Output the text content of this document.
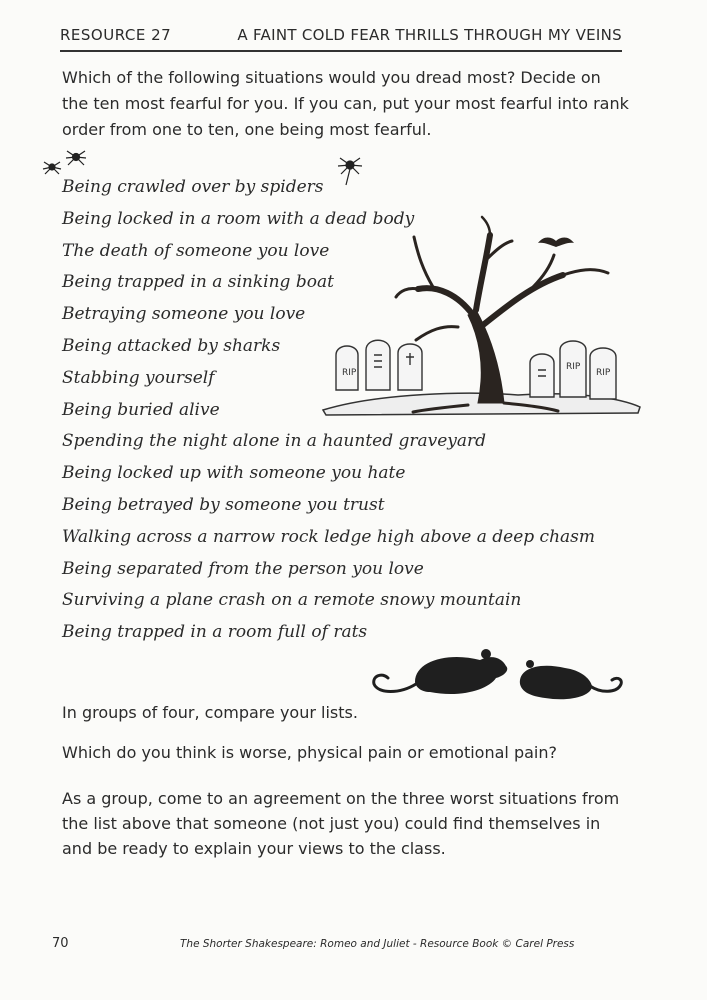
RESOURCE 27	A FAINT COLD FEAR THRILLS THROUGH MY VEINS

Which of the following situations would you dread most? Decide on the ten most fearful for you. If you can, put your most fearful into rank order from one to ten, one being most fearful.

RIP
RIP
RIP
Being crawled over by spiders
Being locked in a room with a dead body
The death of someone you love
Being trapped in a sinking boat
Betraying someone you love
Being attacked by sharks
Stabbing yourself
Being buried alive
Spending the night alone in a haunted graveyard
Being locked up with someone you hate
Being betrayed by someone you trust
Walking across a narrow rock ledge high above a deep chasm
Being separated from the person you love
Surviving a plane crash on a remote snowy mountain
Being trapped in a room full of rats

In groups of four, compare your lists.

Which do you think is worse, physical pain or emotional pain?

As a group, come to an agreement on the three worst situations from the list above that someone (not just you) could find themselves in and be ready to explain your views to the class.

70	The Shorter Shakespeare: Romeo and Juliet - Resource Book © Carel Press
